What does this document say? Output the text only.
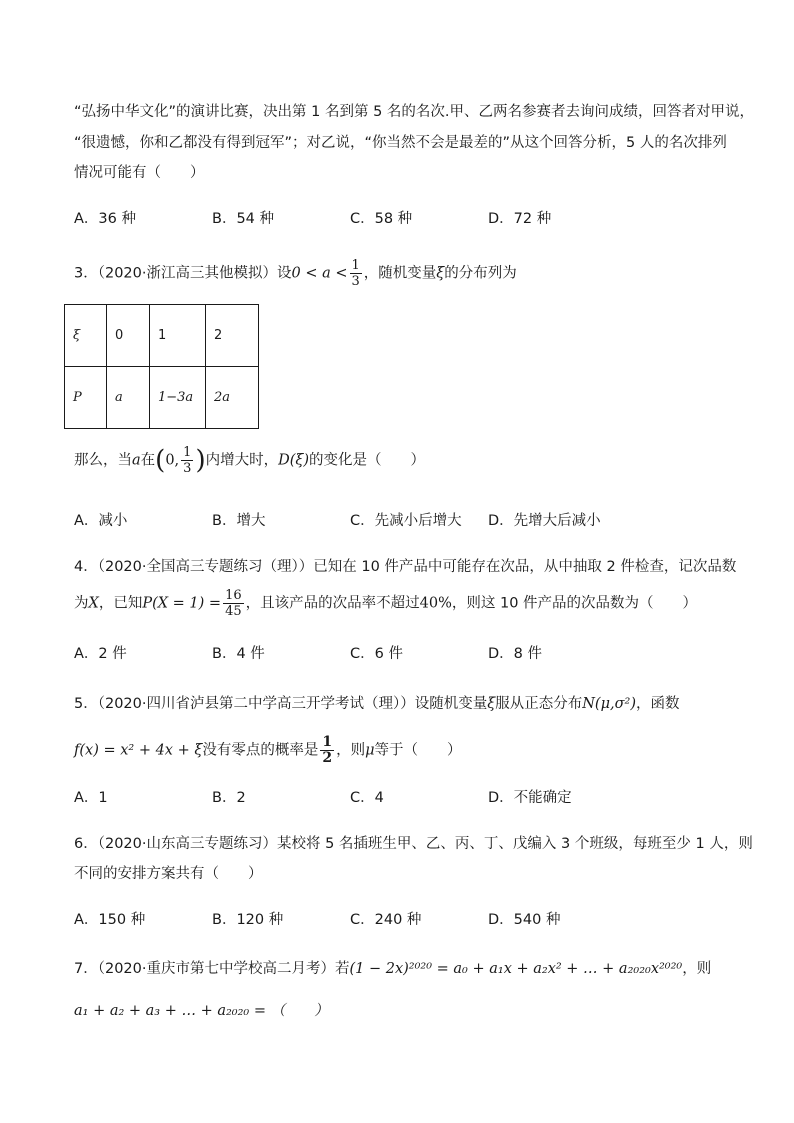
“弘扬中华文化”的演讲比赛，决出第 1 名到第 5 名的名次.甲、乙两名参赛者去询问成绩，回答者对甲说，
“很遗憾，你和乙都没有得到冠军”；对乙说，“你当然不会是最差的”从这个回答分析，5 人的名次排列
情况可能有（　　）
A．36 种	B．54 种	C．58 种	D．72 种
3．（2020·浙江高三其他模拟）设$0 < a < \frac{1}{3}$ ，随机变量ξ的分布列为
ξ	0	1	2
P	a	1−3a	2a
那么，当a在(0, $\frac{1}{3}$ )内增大时，D(ξ)的变化是（　　）
A．减小	B．增大	C．先减小后增大 D．先增大后减小
4．（2020·全国高三专题练习（理））已知在 10 件产品中可能存在次品，从中抽取 2 件检查，记次品数
为X，已知$P(X = 1) = \frac{16}{45}$ ，且该产品的次品率不超过40%，则这 10 件产品的次品数为（　　）
A．2 件	B．4 件	C．6 件	D．8 件
5．（2020·四川省泸县第二中学高三开学考试（理））设随机变量ξ服从正态分布N(μ,σ²)，函数
f(x) = x² + 4x + ξ没有零点的概率是 $\frac{1}{2}$ ，则μ等于（　　）
A．1	B．2	C．4	D．不能确定
6．（2020·山东高三专题练习）某校将 5 名插班生甲、乙、丙、丁、戊编入 3 个班级，每班至少 1 人，则
不同的安排方案共有（　　）
A．150 种	B．120 种	C．240 种	D．540 种
7．（2020·重庆市第七中学校高二月考）若(1 − 2x)²⁰²⁰ = a₀ + a₁x + a₂x² + … + a₂₀₂₀x²⁰²⁰，则
a₁ + a₂ + a₃ + … + a₂₀₂₀ = （　　）
